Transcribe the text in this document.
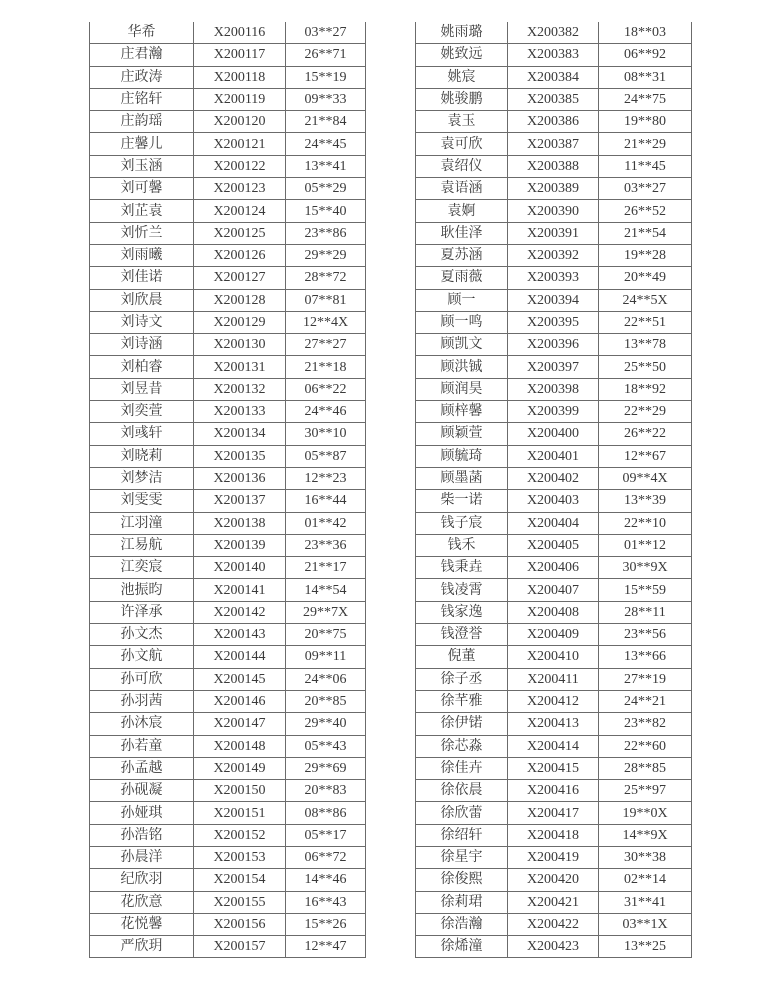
华希	X200116	03**27
庄君瀚	X200117	26**71
庄政涛	X200118	15**19
庄铭轩	X200119	09**33
庄韵瑶	X200120	21**84
庄馨儿	X200121	24**45
刘玉涵	X200122	13**41
刘可馨	X200123	05**29
刘芷袁	X200124	15**40
刘忻兰	X200125	23**86
刘雨曦	X200126	29**29
刘佳诺	X200127	28**72
刘欣晨	X200128	07**81
刘诗文	X200129	12**4X
刘诗涵	X200130	27**27
刘柏睿	X200131	21**18
刘昱昔	X200132	06**22
刘奕萱	X200133	24**46
刘彧轩	X200134	30**10
刘晓莉	X200135	05**87
刘梦洁	X200136	12**23
刘雯雯	X200137	16**44
江羽潼	X200138	01**42
江易航	X200139	23**36
江奕宸	X200140	21**17
池振昀	X200141	14**54
许泽承	X200142	29**7X
孙文杰	X200143	20**75
孙文航	X200144	09**11
孙可欣	X200145	24**06
孙羽茜	X200146	20**85
孙沐宸	X200147	29**40
孙若童	X200148	05**43
孙孟越	X200149	29**69
孙砚凝	X200150	20**83
孙娅琪	X200151	08**86
孙浩铭	X200152	05**17
孙晨洋	X200153	06**72
纪欣羽	X200154	14**46
花欣意	X200155	16**43
花悦馨	X200156	15**26
严欣玥	X200157	12**47
姚雨璐	X200382	18**03
姚致远	X200383	06**92
姚宸	X200384	08**31
姚骏鹏	X200385	24**75
袁玉	X200386	19**80
袁可欣	X200387	21**29
袁绍仪	X200388	11**45
袁语涵	X200389	03**27
袁婀	X200390	26**52
耿佳泽	X200391	21**54
夏苏涵	X200392	19**28
夏雨薇	X200393	20**49
顾一	X200394	24**5X
顾一鸣	X200395	22**51
顾凯文	X200396	13**78
顾洪铖	X200397	25**50
顾润昊	X200398	18**92
顾梓馨	X200399	22**29
顾颖萱	X200400	26**22
顾毓琦	X200401	12**67
顾墨菡	X200402	09**4X
柴一诺	X200403	13**39
钱子宸	X200404	22**10
钱禾	X200405	01**12
钱秉垚	X200406	30**9X
钱凌霄	X200407	15**59
钱家逸	X200408	28**11
钱澄誉	X200409	23**56
倪董	X200410	13**66
徐子丞	X200411	27**19
徐芊雅	X200412	24**21
徐伊锘	X200413	23**82
徐芯淼	X200414	22**60
徐佳卉	X200415	28**85
徐依晨	X200416	25**97
徐欣蕾	X200417	19**0X
徐绍轩	X200418	14**9X
徐星宇	X200419	30**38
徐俊熙	X200420	02**14
徐莉珺	X200421	31**41
徐浩瀚	X200422	03**1X
徐烯潼	X200423	13**25
